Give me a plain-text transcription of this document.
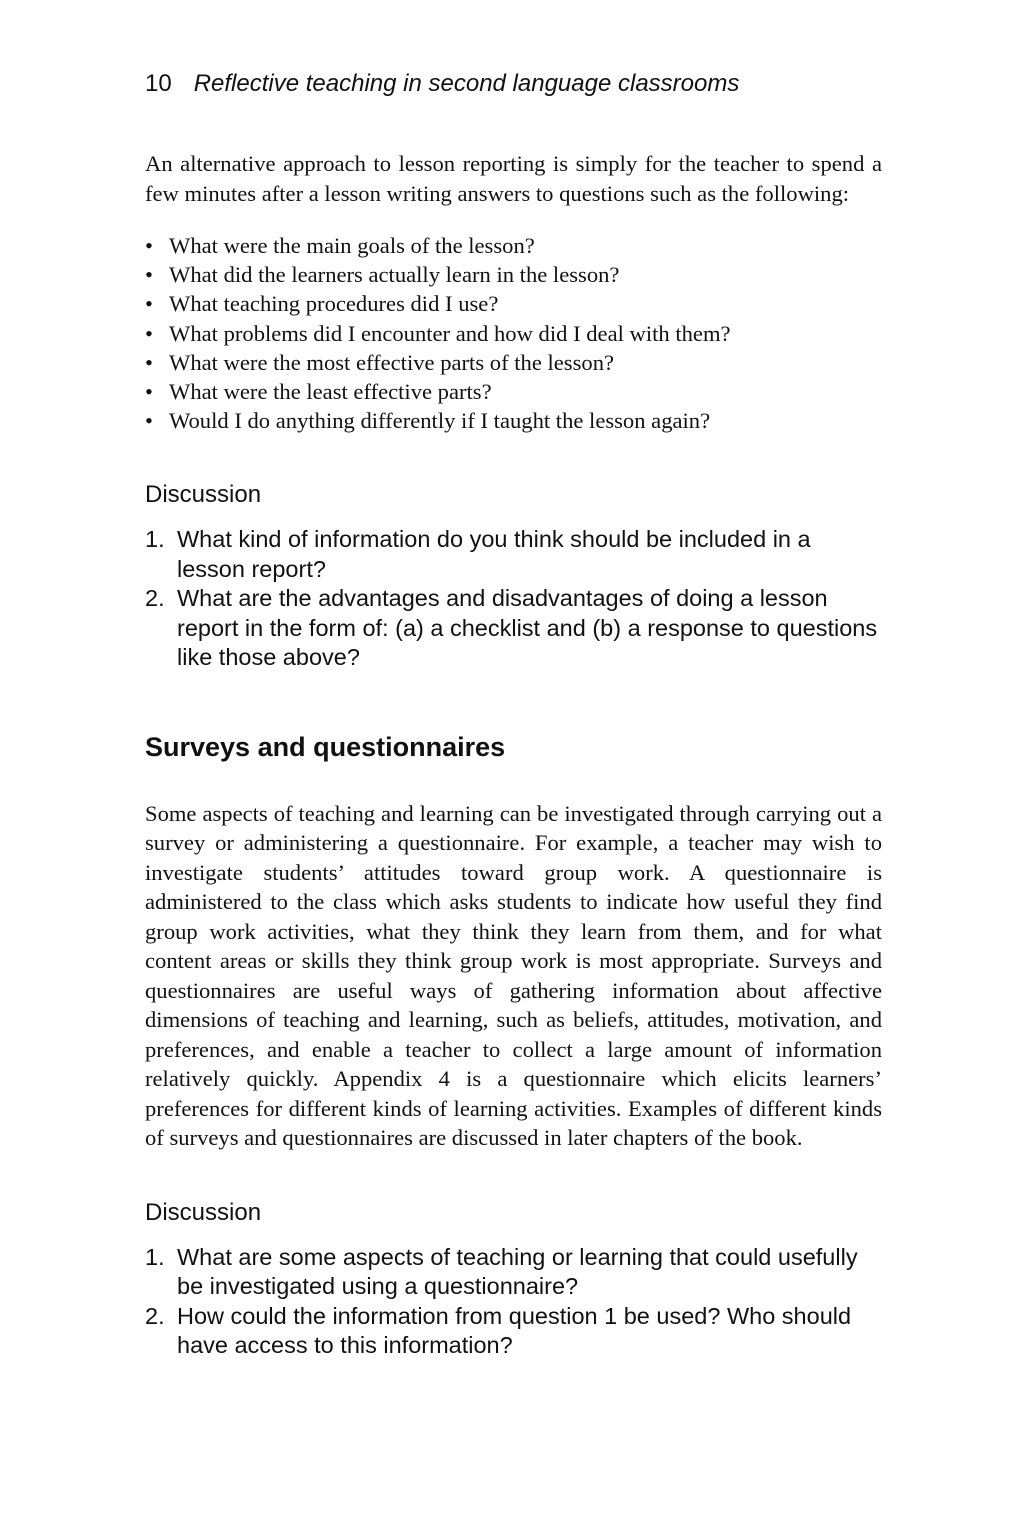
10 Reflective teaching in second language classrooms

An alternative approach to lesson reporting is simply for the teacher to spend a few minutes after a lesson writing answers to questions such as the following:

• What were the main goals of the lesson?
• What did the learners actually learn in the lesson?
• What teaching procedures did I use?
• What problems did I encounter and how did I deal with them?
• What were the most effective parts of the lesson?
• What were the least effective parts?
• Would I do anything differently if I taught the lesson again?
Discussion
1. What kind of information do you think should be included in a lesson report?
2. What are the advantages and disadvantages of doing a lesson report in the form of: (a) a checklist and (b) a response to questions like those above?
Surveys and questionnaires

Some aspects of teaching and learning can be investigated through carrying out a survey or administering a questionnaire. For example, a teacher may wish to investigate students’ attitudes toward group work. A questionnaire is administered to the class which asks students to indicate how useful they find group work activities, what they think they learn from them, and for what content areas or skills they think group work is most appropriate. Surveys and questionnaires are useful ways of gathering information about affective dimensions of teaching and learning, such as beliefs, attitudes, motivation, and preferences, and enable a teacher to collect a large amount of information relatively quickly. Appendix 4 is a questionnaire which elicits learners’ preferences for different kinds of learning activities. Examples of different kinds of surveys and questionnaires are discussed in later chapters of the book.

Discussion
1. What are some aspects of teaching or learning that could usefully be investigated using a questionnaire?
2. How could the information from question 1 be used? Who should have access to this information?
